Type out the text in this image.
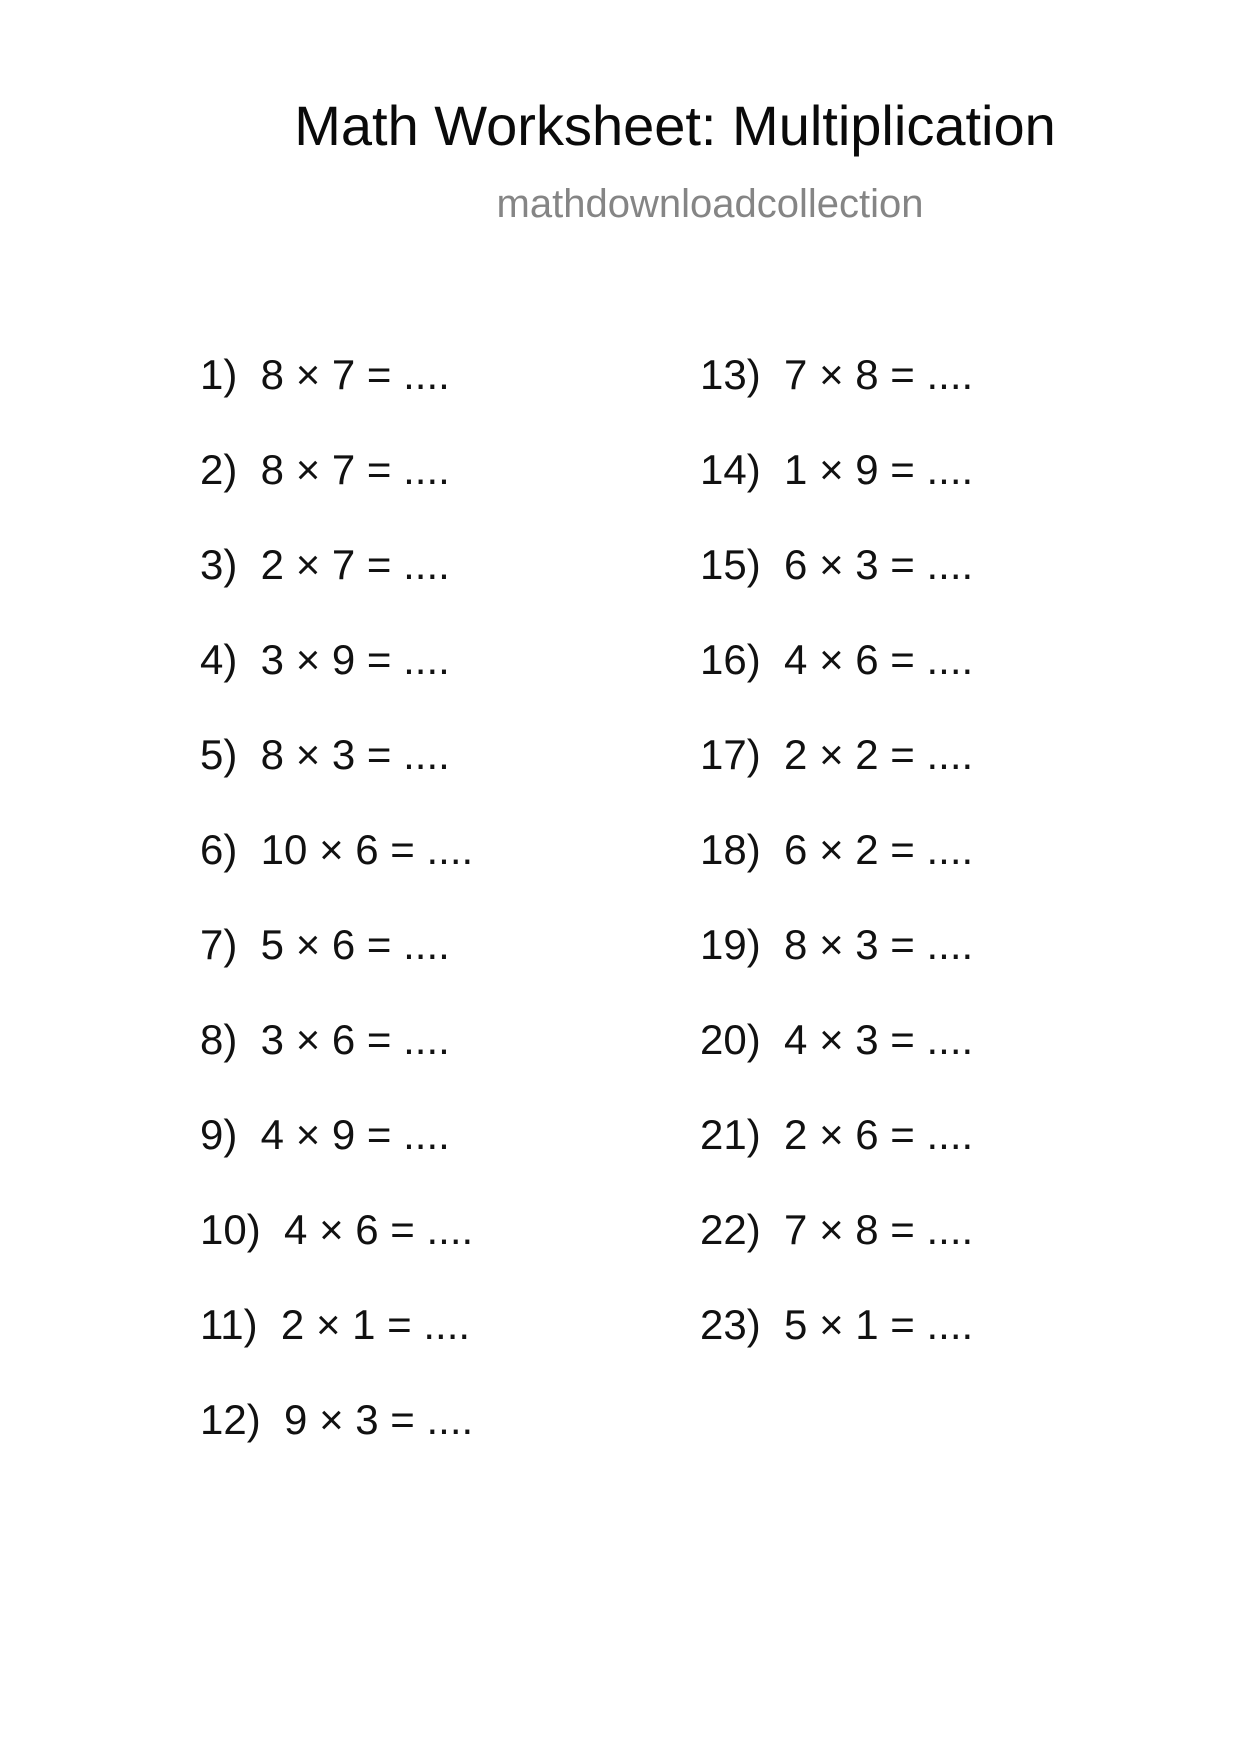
Math Worksheet: Multiplication
mathdownloadcollection
1)  8 × 7 = ....
2)  8 × 7 = ....
3)  2 × 7 = ....
4)  3 × 9 = ....
5)  8 × 3 = ....
6)  10 × 6 = ....
7)  5 × 6 = ....
8)  3 × 6 = ....
9)  4 × 9 = ....
10)  4 × 6 = ....
11)  2 × 1 = ....
12)  9 × 3 = ....
13)  7 × 8 = ....
14)  1 × 9 = ....
15)  6 × 3 = ....
16)  4 × 6 = ....
17)  2 × 2 = ....
18)  6 × 2 = ....
19)  8 × 3 = ....
20)  4 × 3 = ....
21)  2 × 6 = ....
22)  7 × 8 = ....
23)  5 × 1 = ....
